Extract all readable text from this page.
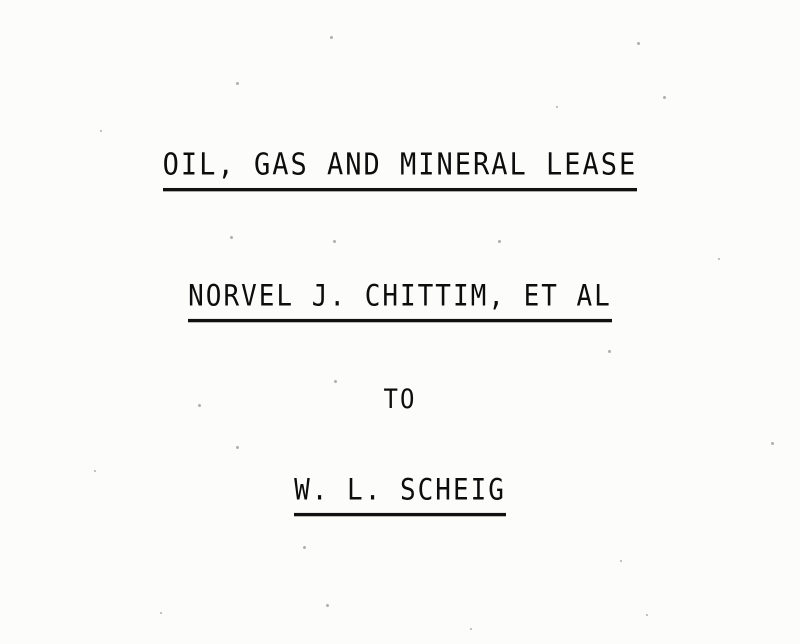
OIL, GAS AND MINERAL LEASE
NORVEL J. CHITTIM, ET AL
TO
W. L. SCHEIG
